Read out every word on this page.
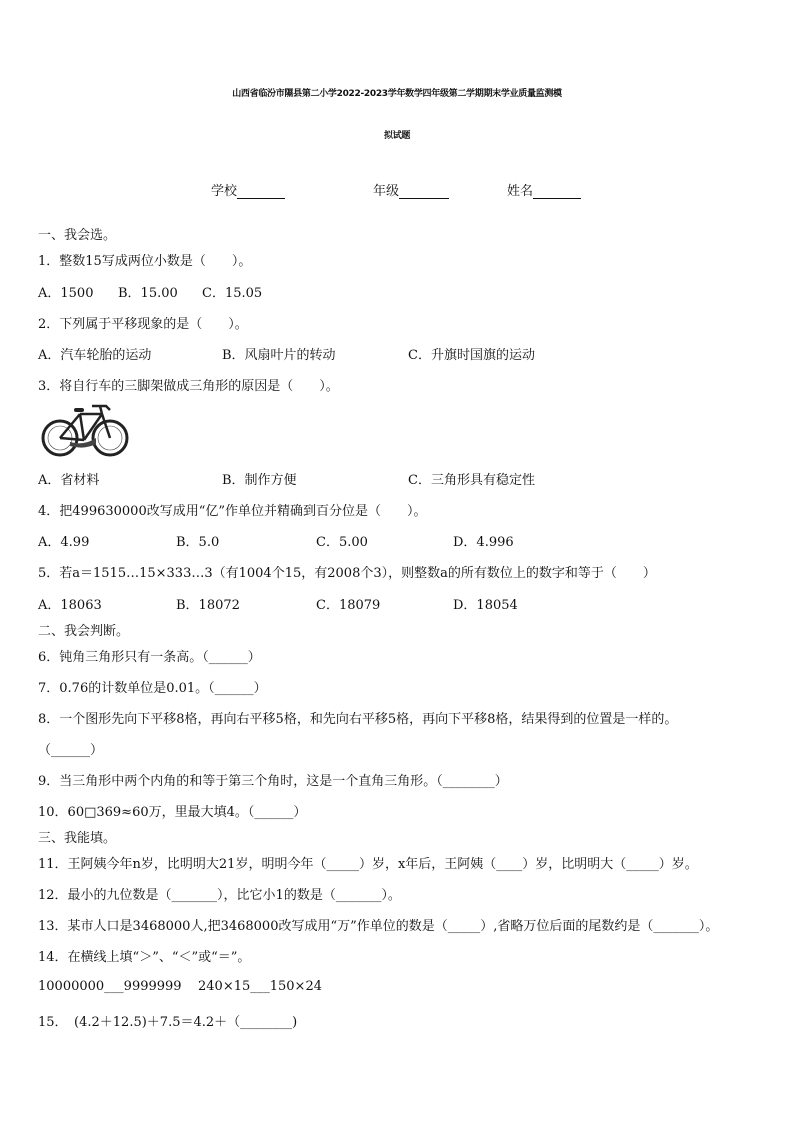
山西省临汾市隰县第二小学2022-2023学年数学四年级第二学期期末学业质量监测模
拟试题
学校	年级	姓名
一、我会选。
1．整数15写成两位小数是（　　）。
A．1500 B．15.00 C．15.05
2．下列属于平移现象的是（　　）。
A．汽车轮胎的运动	B．风扇叶片的转动	C．升旗时国旗的运动
3．将自行车的三脚架做成三角形的原因是（　　）。
A．省材料	B．制作方便	C．三角形具有稳定性
4．把499630000改写成用“亿”作单位并精确到百分位是（　　）。
A．4.99	B．5.0	C．5.00	D．4.996
5．若a＝1515…15×333…3（有1004个15，有2008个3），则整数a的所有数位上的数字和等于（　　）
A．18063	B．18072	C．18079	D．18054
二、我会判断。
6．钝角三角形只有一条高。（______）
7．0.76的计数单位是0.01。（______）
8．一个图形先向下平移8格，再向右平移5格，和先向右平移5格，再向下平移8格，结果得到的位置是一样的。
（______）
9．当三角形中两个内角的和等于第三个角时，这是一个直角三角形。（________）
10．60□369≈60万，里最大填4。（______）
三、我能填。
11．王阿姨今年n岁，比明明大21岁，明明今年（_____）岁，x年后，王阿姨（____）岁，比明明大（_____）岁。
12．最小的九位数是（_______），比它小1的数是（_______）。
13．某市人口是3468000人,把3468000改写成用“万”作单位的数是（_____）,省略万位后面的尾数约是（_______）。
14．在横线上填“＞”、“＜”或“＝”。
10000000___9999999 240×15___150×24
15．　(4.2＋12.5)＋7.5＝4.2＋（________)
